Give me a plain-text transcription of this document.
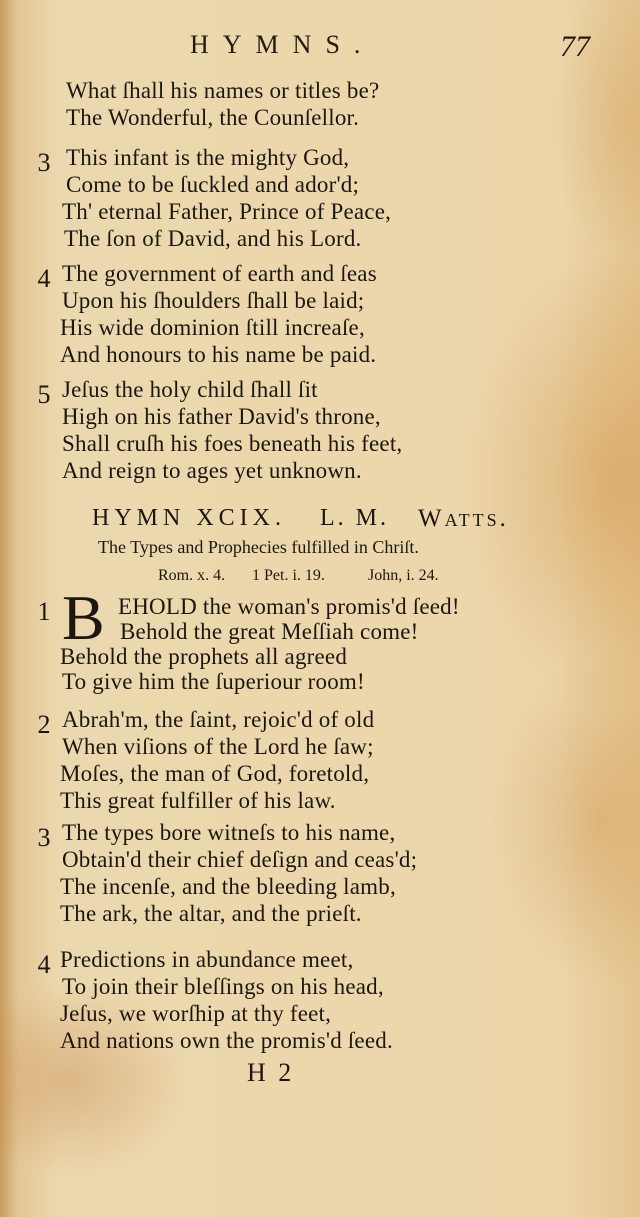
HYMNS.	77
What ſhall his names or titles be?
The Wonderful, the Counſellor.
3 This infant is the mighty God,
Come to be ſuckled and ador'd;
Th' eternal Father, Prince of Peace,
The ſon of David, and his Lord.
4 The government of earth and ſeas
Upon his ſhoulders ſhall be laid;
His wide dominion ſtill increaſe,
And honours to his name be paid.
5 Jeſus the holy child ſhall ſit
High on his father David's throne,
Shall cruſh his foes beneath his feet,
And reign to ages yet unknown.
HYMN XCIX. L. M. Watts.
The Types and Prophecies fulfilled in Chriſt.
Rom. x. 4. 1 Pet. i. 19.	John, i. 24.
1	EHOLD the woman's promis'd ſeed!
Behold the great Meſſiah come!
Behold the prophets all agreed
To give him the ſuperiour room!
B
2 Abrah'm, the ſaint, rejoic'd of old
When viſions of the Lord he ſaw;
Moſes, the man of God, foretold,
This great fulfiller of his law.
3 The types bore witneſs to his name,
Obtain'd their chief deſign and ceas'd;
The incenſe, and the bleeding lamb,
The ark, the altar, and the prieſt.
4 Predictions in abundance meet,
To join their bleſſings on his head,
Jeſus, we worſhip at thy feet,
And nations own the promis'd ſeed.
H 2
